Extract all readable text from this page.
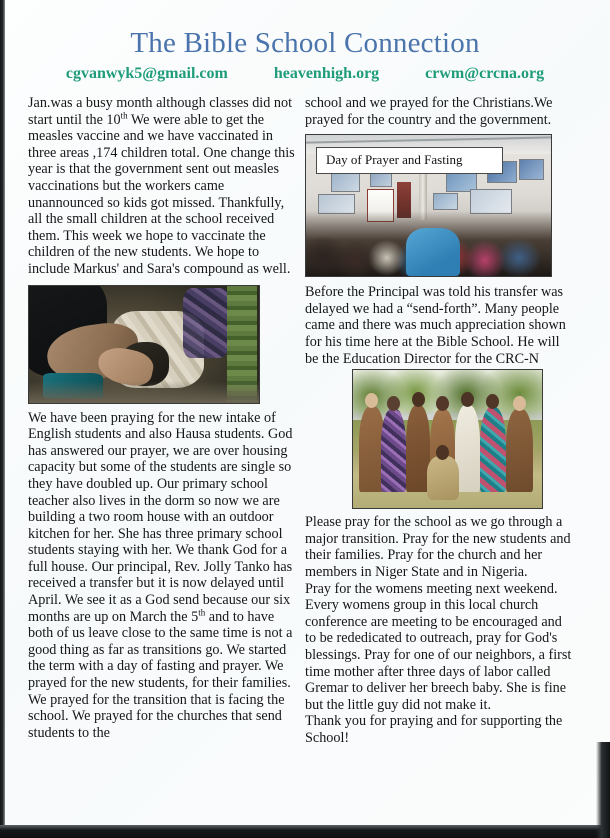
The Bible School Connection
cgvanwyk5@gmail.com	heavenhigh.org	crwm@crcna.org

Jan.was a busy month although classes did not start until the 10th We were able to get the measles vaccine and we have vaccinated in three areas ,174 children total. One change this year is that the government sent out measles vaccinations but the workers came unannounced so kids got missed. Thankfully, all the small children at the school received them. This week we hope to vaccinate the children of the new students. We hope to include Markus' and Sara's compound as well.

We have been praying for the new intake of English students and also Hausa students. God has answered our prayer, we are over housing capacity but some of the students are single so they have doubled up. Our primary school teacher also lives in the dorm so now we are building a two room house with an outdoor kitchen for her. She has three primary school students staying with her. We thank God for a full house. Our principal, Rev. Jolly Tanko has received a transfer but it is now delayed until April. We see it as a God send because our six months are up on March the 5th and to have both of us leave close to the same time is not a good thing as far as transitions go. We started the term with a day of fasting and prayer. We prayed for the new students, for their families. We prayed for the transition that is facing the school. We prayed for the churches that send students to the

school and we prayed for the Christians.We prayed for the country and the government.

Day of Prayer and Fasting

Before the Principal was told his transfer was delayed we had a “send-forth”. Many people came and there was much appreciation shown for his time here at the Bible School. He will be the Education Director for the CRC-N

Please pray for the school as we go through a major transition. Pray for the new students and their families. Pray for the church and her members in Niger State and in Nigeria.

Pray for the womens meeting next weekend. Every womens group in this local church conference are meeting to be encouraged and to be rededicated to outreach, pray for God's blessings. Pray for one of our neighbors, a first time mother after three days of labor called Gremar to deliver her breech baby. She is fine but the little guy did not make it.

Thank you for praying and for supporting the School!
